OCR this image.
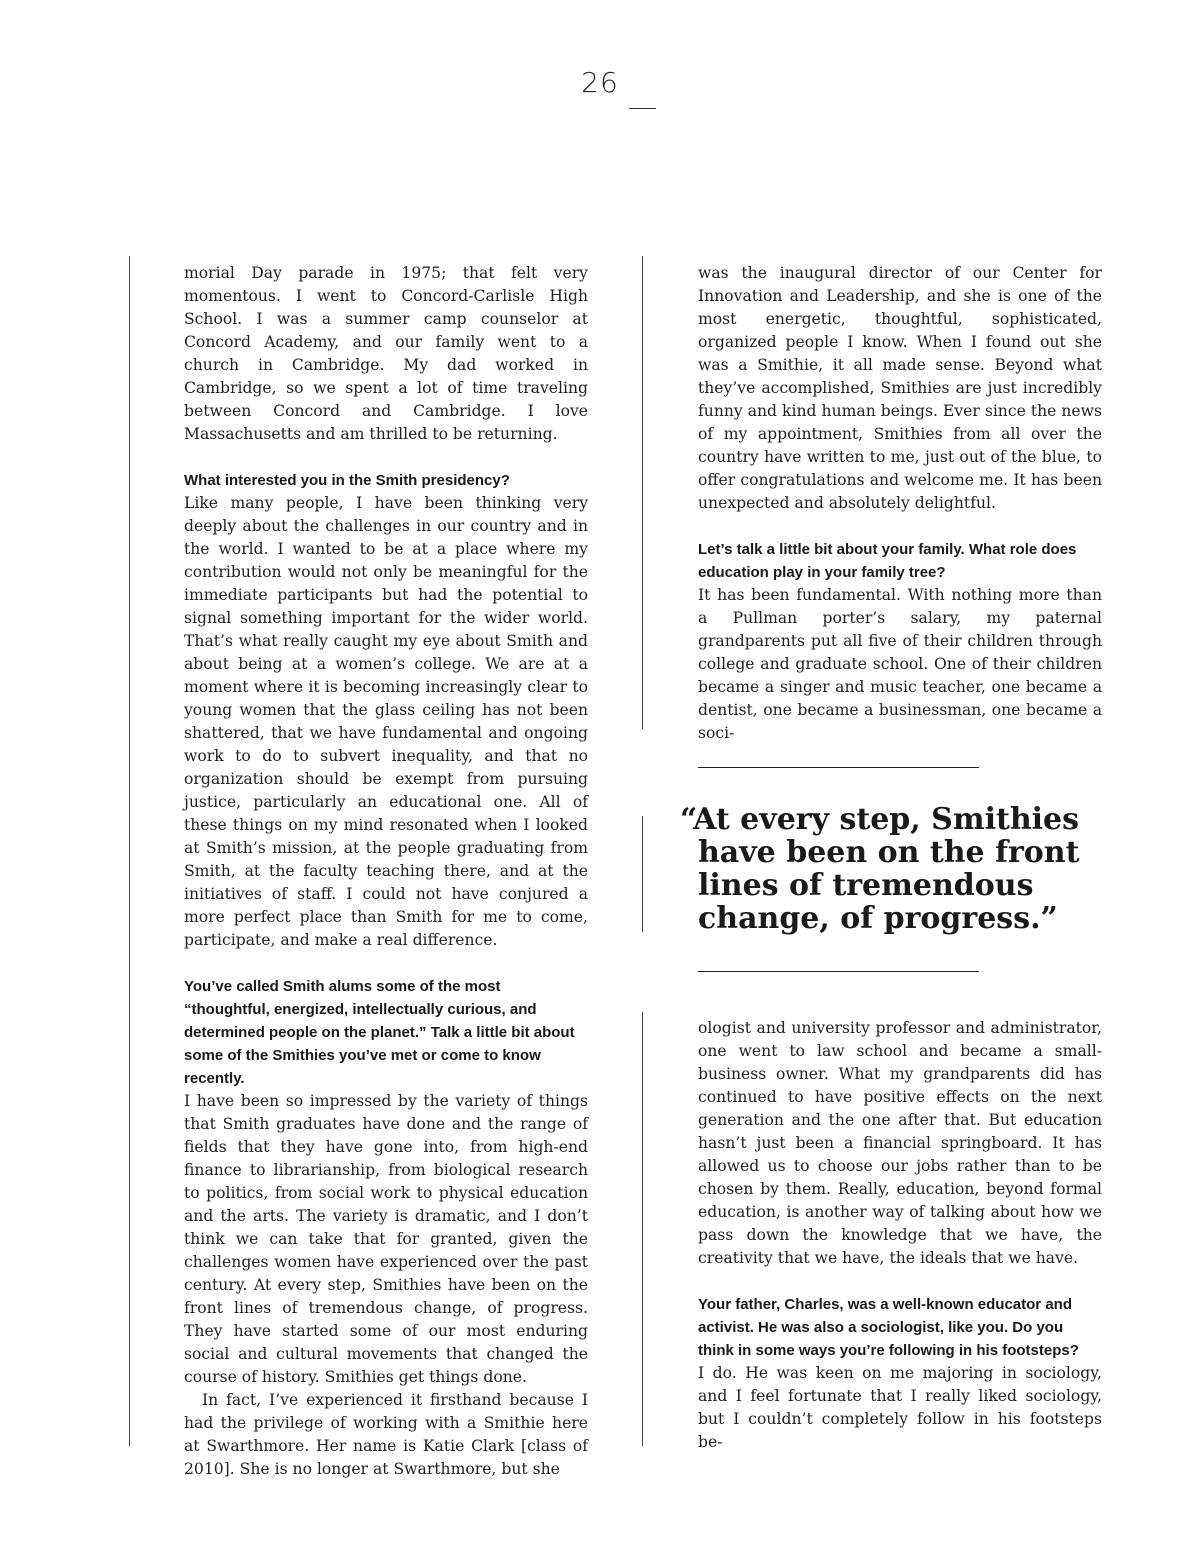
26

morial Day parade in 1975; that felt very momentous. I went to Concord-Carlisle High School. I was a summer camp counselor at Concord Academy, and our family went to a church in Cambridge. My dad worked in Cambridge, so we spent a lot of time traveling between Concord and Cambridge. I love Massachusetts and am thrilled to be returning.

What interested you in the Smith presidency?

Like many people, I have been thinking very deeply about the challenges in our country and in the world. I wanted to be at a place where my contribution would not only be meaningful for the immediate participants but had the potential to signal something important for the wider world. That’s what really caught my eye about Smith and about being at a women’s college. We are at a moment where it is becoming increasingly clear to young women that the glass ceiling has not been shattered, that we have fundamental and ongoing work to do to subvert inequality, and that no organization should be exempt from pursuing justice, particularly an educational one. All of these things on my mind resonated when I looked at Smith’s mission, at the people graduating from Smith, at the faculty teaching there, and at the initiatives of staff. I could not have conjured a more perfect place than Smith for me to come, participate, and make a real difference.

You’ve called Smith alums some of the most “thoughtful, energized, intellectually curious, and determined people on the planet.” Talk a little bit about some of the Smithies you’ve met or come to know recently.

I have been so impressed by the variety of things that Smith graduates have done and the range of fields that they have gone into, from high-end finance to librarianship, from biological research to politics, from social work to physical education and the arts. The variety is dramatic, and I don’t think we can take that for granted, given the challenges women have experienced over the past century. At every step, Smithies have been on the front lines of tremendous change, of progress. They have started some of our most enduring social and cultural movements that changed the course of history. Smithies get things done.

In fact, I’ve experienced it firsthand because I had the privilege of working with a Smithie here at Swarthmore. Her name is Katie Clark [class of 2010]. She is no longer at Swarthmore, but she

was the inaugural director of our Center for Innovation and Leadership, and she is one of the most energetic, thoughtful, sophisticated, organized people I know. When I found out she was a Smithie, it all made sense. Beyond what they’ve accomplished, Smithies are just incredibly funny and kind human beings. Ever since the news of my appointment, Smithies from all over the country have written to me, just out of the blue, to offer congratulations and welcome me. It has been unexpected and absolutely delightful.

Let’s talk a little bit about your family. What role does education play in your family tree?

It has been fundamental. With nothing more than a Pullman porter’s salary, my paternal grandparents put all five of their children through college and graduate school. One of their children became a singer and music teacher, one became a dentist, one became a businessman, one became a soci-

“At every step, Smithies
have been on the front
lines of tremendous
change, of progress.”

ologist and university professor and administrator, one went to law school and became a small-business owner. What my grandparents did has continued to have positive effects on the next generation and the one after that. But education hasn’t just been a financial springboard. It has allowed us to choose our jobs rather than to be chosen by them. Really, education, beyond formal education, is another way of talking about how we pass down the knowledge that we have, the creativity that we have, the ideals that we have.

Your father, Charles, was a well-known educator and activist. He was also a sociologist, like you. Do you think in some ways you’re following in his footsteps?

I do. He was keen on me majoring in sociology, and I feel fortunate that I really liked sociology, but I couldn’t completely follow in his footsteps be-
